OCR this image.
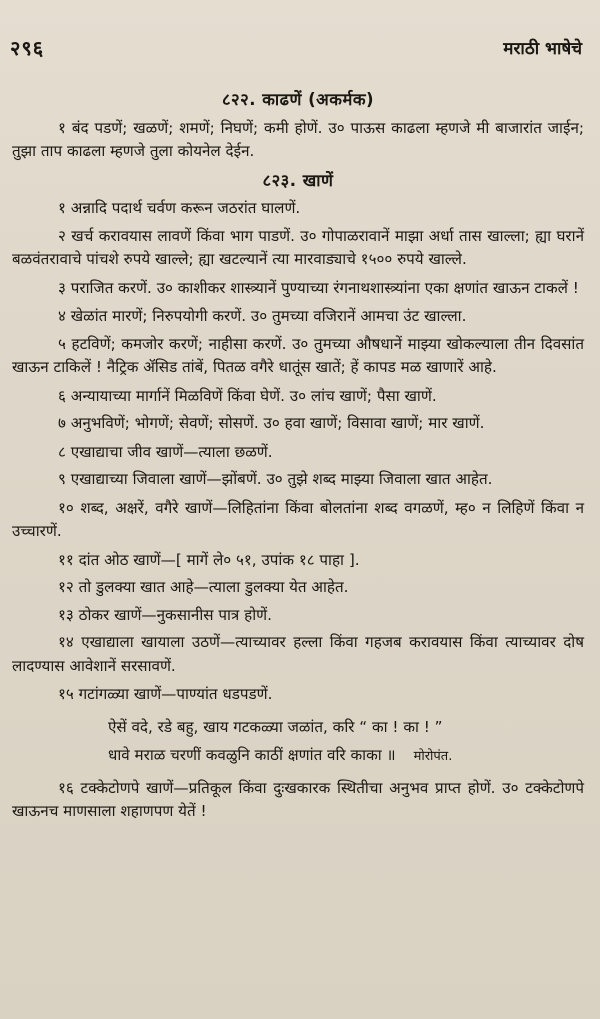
२९६	मराठी भाषेचे
८२२. काढणें (अकर्मक)

१ बंद पडणें; खळणें; शमणें; निघणें; कमी होणें. उ० पाऊस काढला म्हणजे मी बाजारांत जाईन; तुझा ताप काढला म्हणजे तुला कोयनेल देईन.

८२३. खाणें

१ अन्नादि पदार्थ चर्वण करून जठरांत घालणें.

२ खर्च करावयास लावणें किंवा भाग पाडणें. उ० गोपाळरावानें माझा अर्धा तास खाल्ला; ह्या घरानें बळवंतरावाचे पांचशे रुपये खाल्ले; ह्या खटल्यानें त्या मारवाड्याचे १५०० रुपये खाल्ले.

३ पराजित करणें. उ० काशीकर शास्त्र्यानें पुण्याच्या रंगनाथशास्त्र्यांना एका क्षणांत खाऊन टाकलें !

४ खेळांत मारणें; निरुपयोगी करणें. उ० तुमच्या वजिरानें आमचा उंट खाल्ला.

५ हटविणें; कमजोर करणें; नाहीसा करणें. उ० तुमच्या औषधानें माझ्या खोकल्याला तीन दिवसांत खाऊन टाकिलें ! नैट्रिक ॲसिड तांबें, पितळ वगैरे धातूंस खातें; हें कापड मळ खाणारें आहे.

६ अन्यायाच्या मार्गानें मिळविणें किंवा घेणें. उ० लांच खाणें; पैसा खाणें.

७ अनुभविणें; भोगणें; सेवणें; सोसणें. उ० हवा खाणें; विसावा खाणें; मार खाणें.

८ एखाद्याचा जीव खाणें—त्याला छळणें.

९ एखाद्याच्या जिवाला खाणें—झोंबणें. उ० तुझे शब्द माझ्या जिवाला खात आहेत.

१० शब्द, अक्षरें, वगैरे खाणें—लिहितांना किंवा बोलतांना शब्द वगळणें, म्ह० न लिहिणें किंवा न उच्चारणें.

११ दांत ओठ खाणें—[ मागें ले० ५१, उपांक १८ पाहा ].

१२ तो डुलक्या खात आहे—त्याला डुलक्या येत आहेत.

१३ ठोकर खाणें—नुकसानीस पात्र होणें.

१४ एखाद्याला खायाला उठणें—त्याच्यावर हल्ला किंवा गहजब करावयास किंवा त्याच्यावर दोष लादण्यास आवेशानें सरसावणें.

१५ गटांगळ्या खाणें—पाण्यांत धडपडणें.

ऐसें वदे, रडे बहु, खाय गटकळ्या जळांत, करि “ का ! का ! ”
धावे मराळ चरणीं कवळुनि काठीं क्षणांत वरि काका ॥ मोरोपंत.

१६ टक्केटोणपे खाणें—प्रतिकूल किंवा दुःखकारक स्थितीचा अनुभव प्राप्त होणें. उ० टक्केटोणपे खाऊनच माणसाला शहाणपण येतें !
